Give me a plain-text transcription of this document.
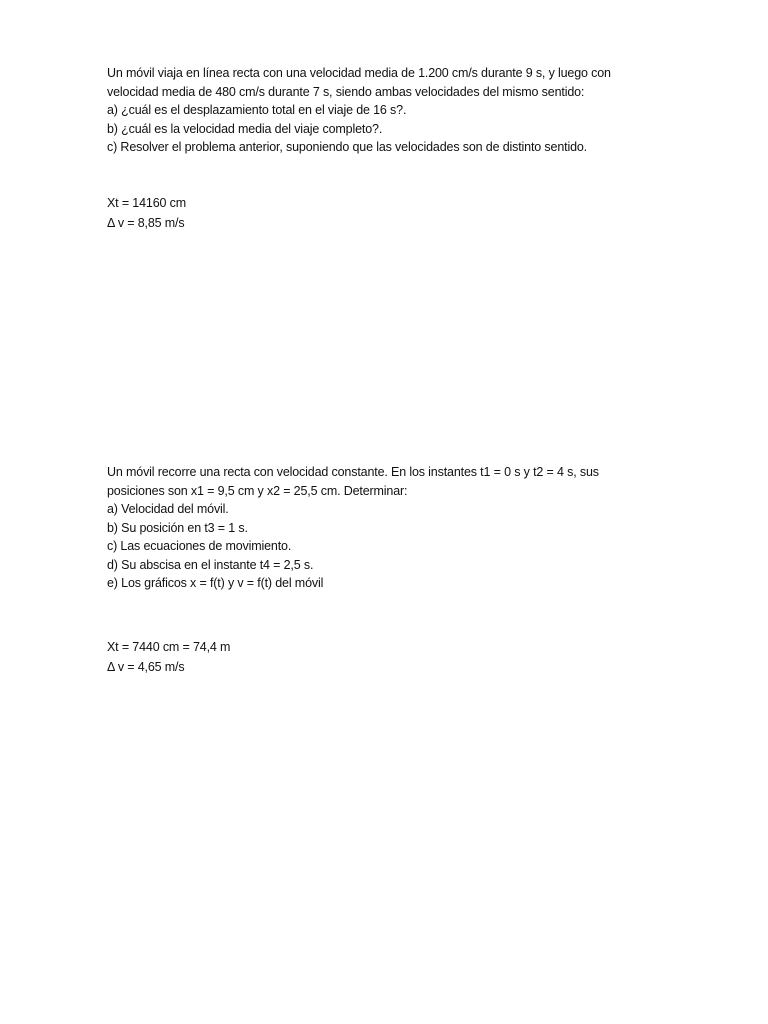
Un móvil viaja en línea recta con una velocidad media de 1.200 cm/s durante 9 s, y luego con
velocidad media de 480 cm/s durante 7 s, siendo ambas velocidades del mismo sentido:
a) ¿cuál es el desplazamiento total en el viaje de 16 s?.
b) ¿cuál es la velocidad media del viaje completo?.
c) Resolver el problema anterior, suponiendo que las velocidades son de distinto sentido.
Xt = 14160 cm
Δ v = 8,85 m/s
Un móvil recorre una recta con velocidad constante. En los instantes t1 = 0 s y t2 = 4 s, sus
posiciones son x1 = 9,5 cm y x2 = 25,5 cm. Determinar:
a) Velocidad del móvil.
b) Su posición en t3 = 1 s.
c) Las ecuaciones de movimiento.
d) Su abscisa en el instante t4 = 2,5 s.
e) Los gráficos x = f(t) y v = f(t) del móvil
Xt = 7440 cm = 74,4 m
Δ v = 4,65 m/s
